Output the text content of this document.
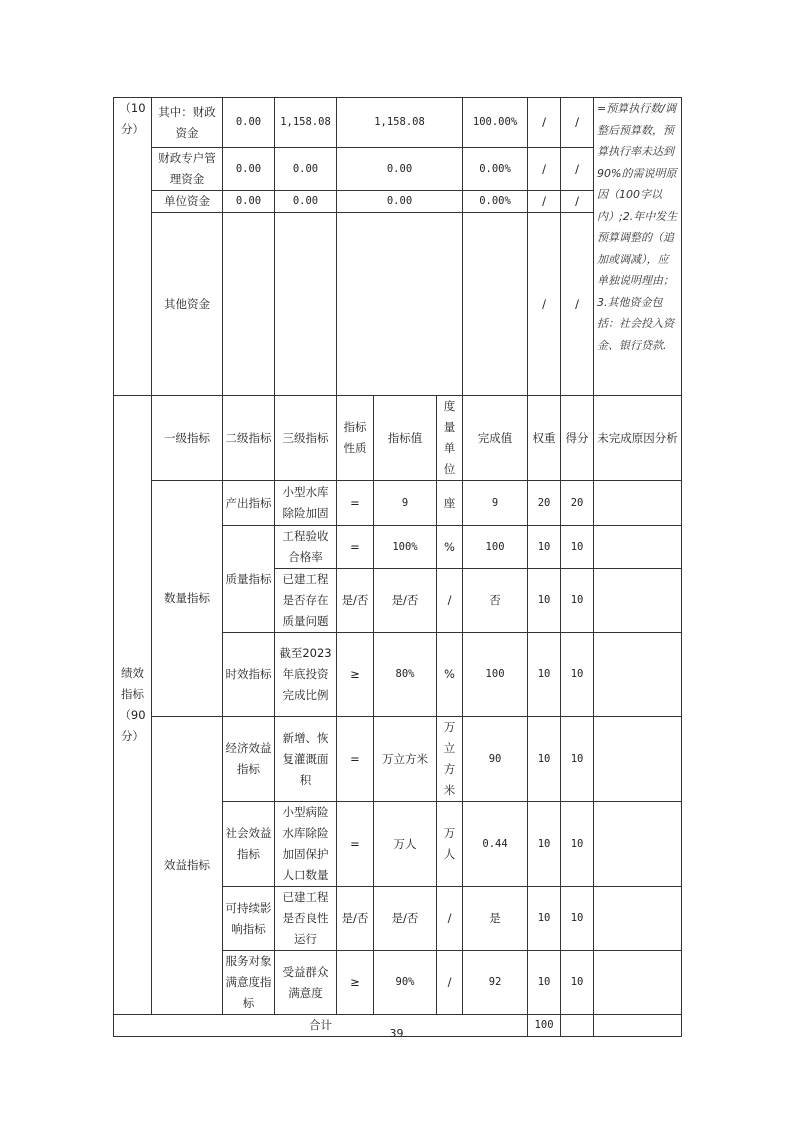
（10分）	其中：财政资金	0.00	1,158.08	1,158.08			100.00%	/	/	=预算执行数/调整后预算数，预算执行率未达到90%的需说明原因（100字以内）;2.年中发生预算调整的（追加或调减），应单独说明理由；3.其他资金包括：社会投入资金、银行贷款.
	财政专户管理资金	0.00	0.00	0.00			0.00%	/	/	
	单位资金	0.00	0.00	0.00			0.00%	/	/	
	其他资金							/	/	
绩效指标（90分）	一级指标	二级指标	三级指标	指标性质	指标值	度量单位	完成值	权重	得分	未完成原因分析
	数量指标	产出指标	小型水库除险加固	=	9	座	9	20	20	
		质量指标	工程验收合格率	=	100%	%	100	10	10	
			已建工程是否存在质量问题	是/否	是/否	/	否	10	10	
		时效指标	截至2023年底投资完成比例	≥	80%	%	100	10	10	
	效益指标	经济效益指标	新增、恢复灌溉面积	=	万立方米	万立方米	90	10	10	
		社会效益指标	小型病险水库除险加固保护人口数量	=	万人	万人	0.44	10	10	
		可持续影响指标	已建工程是否良性运行	是/否	是/否	/	是	10	10	
		服务对象满意度指标	受益群众满意度	≥	90%	/	92	10	10	
合计								100		
39
